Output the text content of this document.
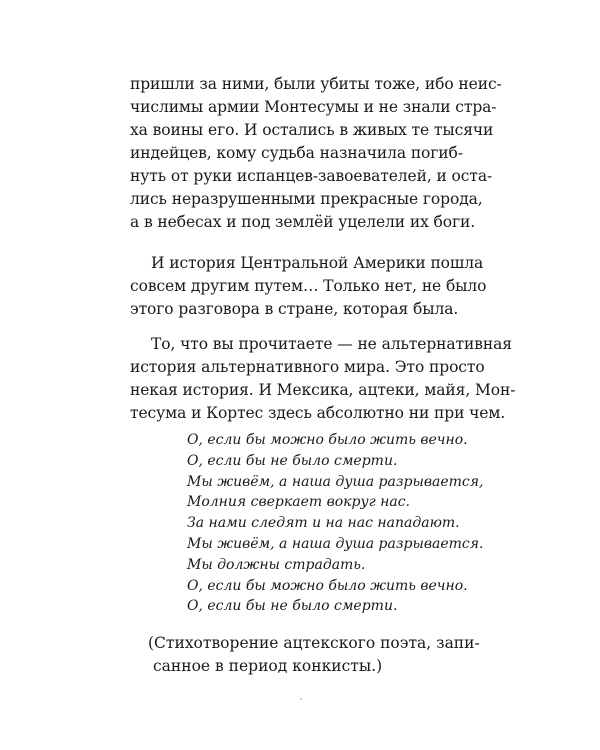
пришли за ними, были убиты тоже, ибо неис-
числимы армии Монтесумы и не знали стра-
ха воины его. И остались в живых те тысячи
индейцев, кому судьба назначила погиб-
нуть от руки испанцев-завоевателей, и оста-
лись неразрушенными прекрасные города,
а в небесах и под землёй уцелели их боги.
И история Центральной Америки пошла
совсем другим путем… Только нет, не было
этого разговора в стране, которая была.
То, что вы прочитаете — не альтернативная
история альтернативного мира. Это просто
некая история. И Мексика, ацтеки, майя, Мон-
тесума и Кортес здесь абсолютно ни при чем.
О, если бы можно было жить вечно.
О, если бы не было смерти.
Мы живём, а наша душа разрывается,
Молния сверкает вокруг нас.
За нами следят и на нас нападают.
Мы живём, а наша душа разрывается.
Мы должны страдать.
О, если бы можно было жить вечно.
О, если бы не было смерти.
(Стихотворение ацтекского поэта, запи-
санное в период конкисты.)
